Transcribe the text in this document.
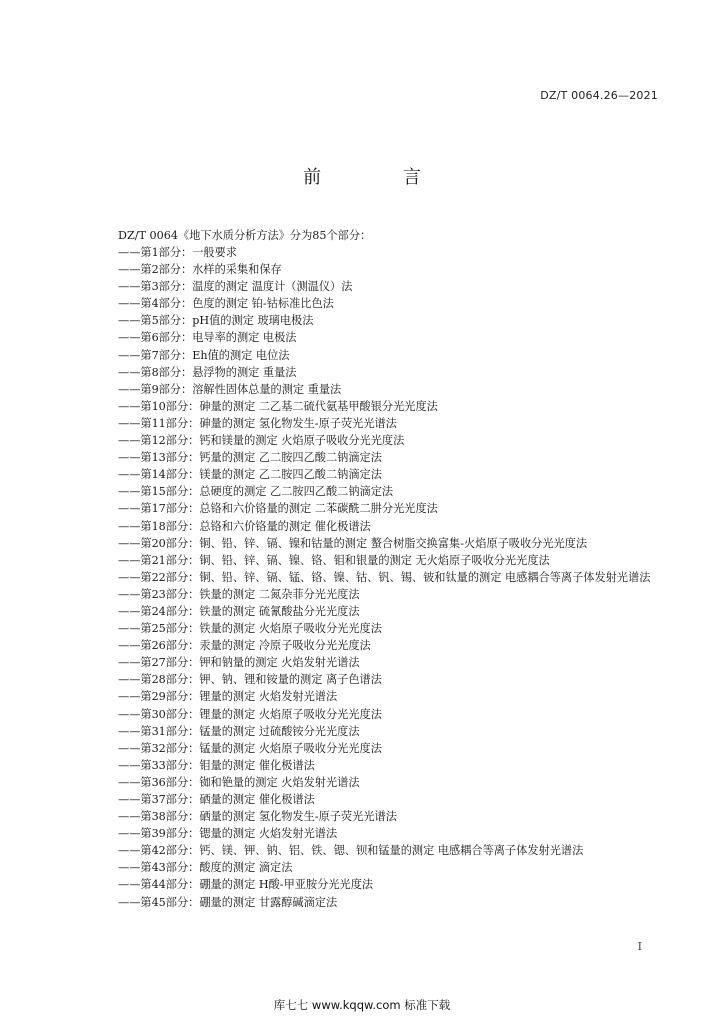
DZ/T 0064.26—2021
前 言
DZ/T 0064《地下水质分析方法》分为85个部分：
——第1部分：一般要求
——第2部分：水样的采集和保存
——第3部分：温度的测定 温度计（测温仪）法
——第4部分：色度的测定 铂-钴标准比色法
——第5部分：pH值的测定 玻璃电极法
——第6部分：电导率的测定 电极法
——第7部分：Eh值的测定 电位法
——第8部分：悬浮物的测定 重量法
——第9部分：溶解性固体总量的测定 重量法
——第10部分：砷量的测定 二乙基二硫代氨基甲酸银分光光度法
——第11部分：砷量的测定 氢化物发生-原子荧光光谱法
——第12部分：钙和镁量的测定 火焰原子吸收分光光度法
——第13部分：钙量的测定 乙二胺四乙酸二钠滴定法
——第14部分：镁量的测定 乙二胺四乙酸二钠滴定法
——第15部分：总硬度的测定 乙二胺四乙酸二钠滴定法
——第17部分：总铬和六价铬量的测定 二苯碳酰二肼分光光度法
——第18部分：总铬和六价铬量的测定 催化极谱法
——第20部分：铜、铅、锌、镉、镍和钴量的测定 螯合树脂交换富集-火焰原子吸收分光光度法
——第21部分：铜、铅、锌、镉、镍、铬、钼和银量的测定 无火焰原子吸收分光光度法
——第22部分：铜、铅、锌、镉、锰、铬、镍、钴、钒、锡、铍和钛量的测定 电感耦合等离子体发射光谱法
——第23部分：铁量的测定 二氮杂菲分光光度法
——第24部分：铁量的测定 硫氰酸盐分光光度法
——第25部分：铁量的测定 火焰原子吸收分光光度法
——第26部分：汞量的测定 冷原子吸收分光光度法
——第27部分：钾和钠量的测定 火焰发射光谱法
——第28部分：钾、钠、锂和铵量的测定 离子色谱法
——第29部分：锂量的测定 火焰发射光谱法
——第30部分：锂量的测定 火焰原子吸收分光光度法
——第31部分：锰量的测定 过硫酸铵分光光度法
——第32部分：锰量的测定 火焰原子吸收分光光度法
——第33部分：钼量的测定 催化极谱法
——第36部分：铷和铯量的测定 火焰发射光谱法
——第37部分：硒量的测定 催化极谱法
——第38部分：硒量的测定 氢化物发生-原子荧光光谱法
——第39部分：锶量的测定 火焰发射光谱法
——第42部分：钙、镁、钾、钠、铝、铁、锶、钡和锰量的测定 电感耦合等离子体发射光谱法
——第43部分：酸度的测定 滴定法
——第44部分：硼量的测定 H酸-甲亚胺分光光度法
——第45部分：硼量的测定 甘露醇碱滴定法
I
库七七 www.kqqw.com 标准下载
